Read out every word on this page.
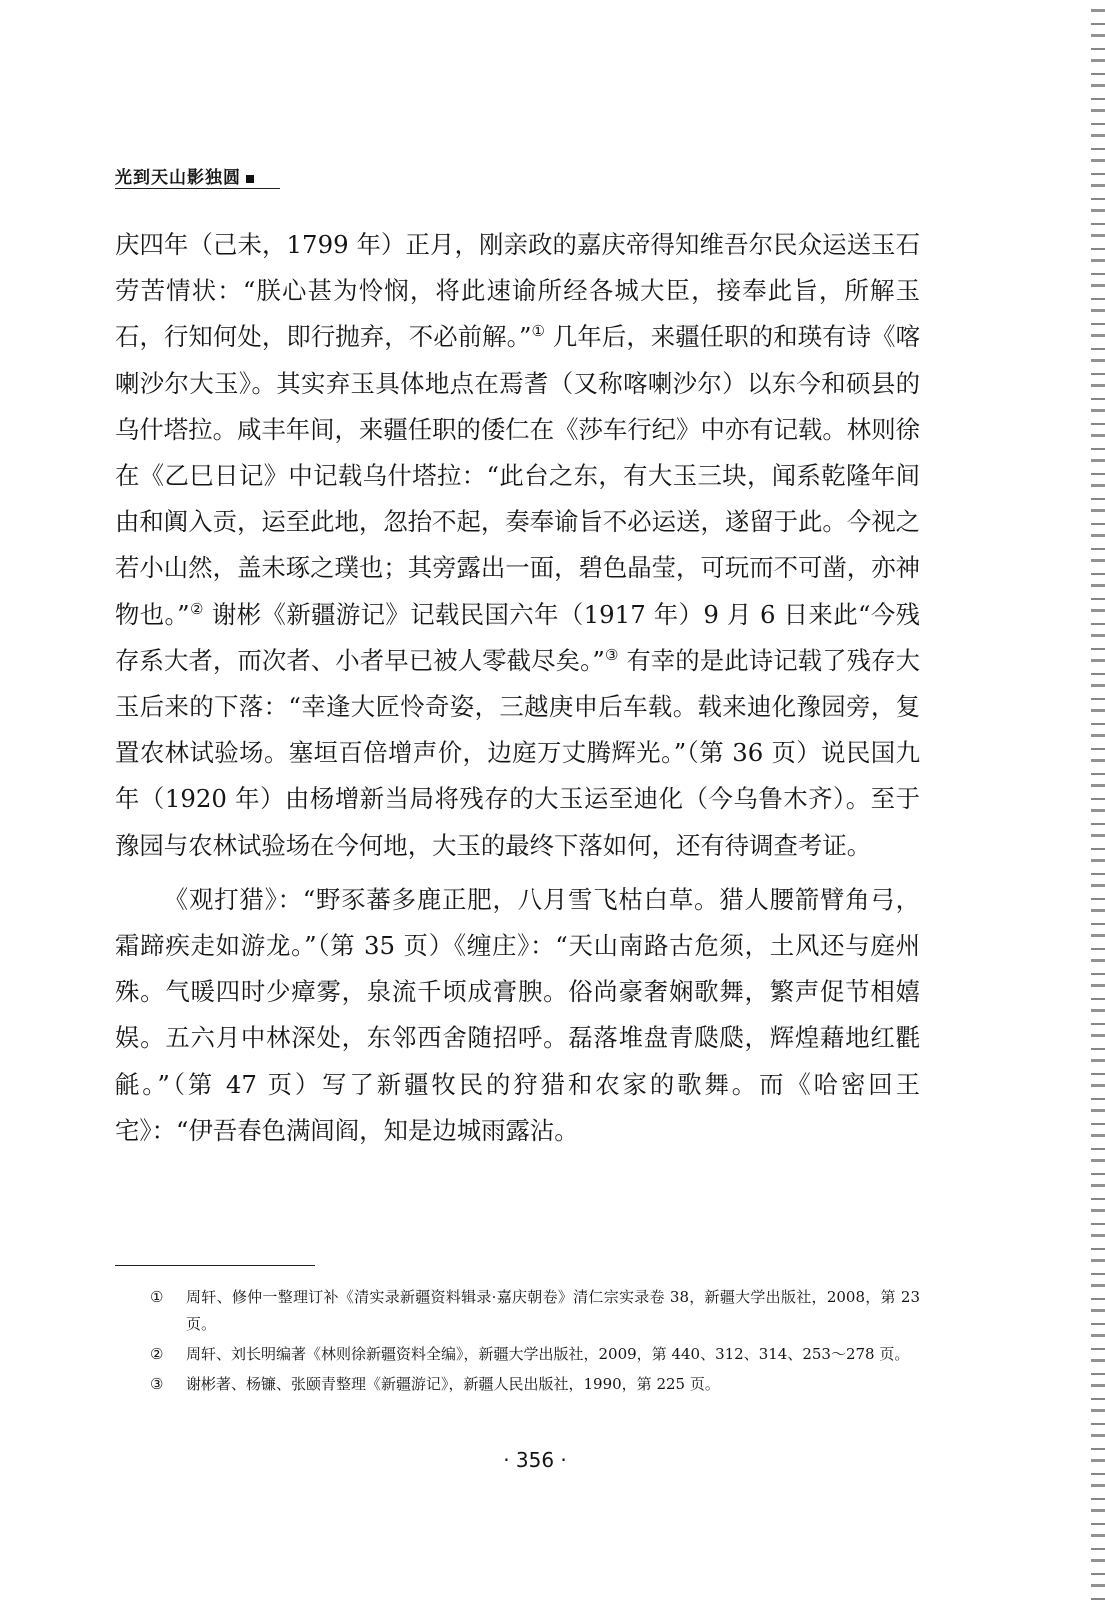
光到天山影独圆

庆四年（己未，1799 年）正月，刚亲政的嘉庆帝得知维吾尔民众运送玉石劳苦情状：“朕心甚为怜悯，将此速谕所经各城大臣，接奉此旨，所解玉石，行知何处，即行抛弃，不必前解。”① 几年后，来疆任职的和瑛有诗《喀喇沙尔大玉》。其实弃玉具体地点在焉耆（又称喀喇沙尔）以东今和硕县的乌什塔拉。咸丰年间，来疆任职的倭仁在《莎车行纪》中亦有记载。林则徐在《乙巳日记》中记载乌什塔拉：“此台之东，有大玉三块，闻系乾隆年间由和阗入贡，运至此地，忽抬不起，奏奉谕旨不必运送，遂留于此。今视之若小山然，盖未琢之璞也；其旁露出一面，碧色晶莹，可玩而不可凿，亦神物也。”② 谢彬《新疆游记》记载民国六年（1917 年）9 月 6 日来此“今残存系大者，而次者、小者早已被人零截尽矣。”③ 有幸的是此诗记载了残存大玉后来的下落：“幸逢大匠怜奇姿，三越庚申后车载。载来迪化豫园旁，复置农林试验场。塞垣百倍增声价，边庭万丈腾辉光。”（第 36 页）说民国九年（1920 年）由杨增新当局将残存的大玉运至迪化（今乌鲁木齐）。至于豫园与农林试验场在今何地，大玉的最终下落如何，还有待调查考证。

《观打猎》：“野豕蕃多鹿正肥，八月雪飞枯白草。猎人腰箭臂角弓，霜蹄疾走如游龙。”（第 35 页）《缠庄》：“天山南路古危须，土风还与庭州殊。气暖四时少瘴雾，泉流千顷成膏腴。俗尚豪奢娴歌舞，繁声促节相嬉娱。五六月中林深处，东邻西舍随招呼。磊落堆盘青瓞瓞，辉煌藉地红氍毹。”（第 47 页）写了新疆牧民的狩猎和农家的歌舞。而《哈密回王宅》：“伊吾春色满闾阎，知是边城雨露沾。

① 周轩、修仲一整理订补《清实录新疆资料辑录·嘉庆朝卷》清仁宗实录卷 38，新疆大学出版社，2008，第 23 页。
② 周轩、刘长明编著《林则徐新疆资料全编》，新疆大学出版社，2009，第 440、312、314、253～278 页。
③ 谢彬著、杨镰、张颐青整理《新疆游记》，新疆人民出版社，1990，第 225 页。
· 356 ·
